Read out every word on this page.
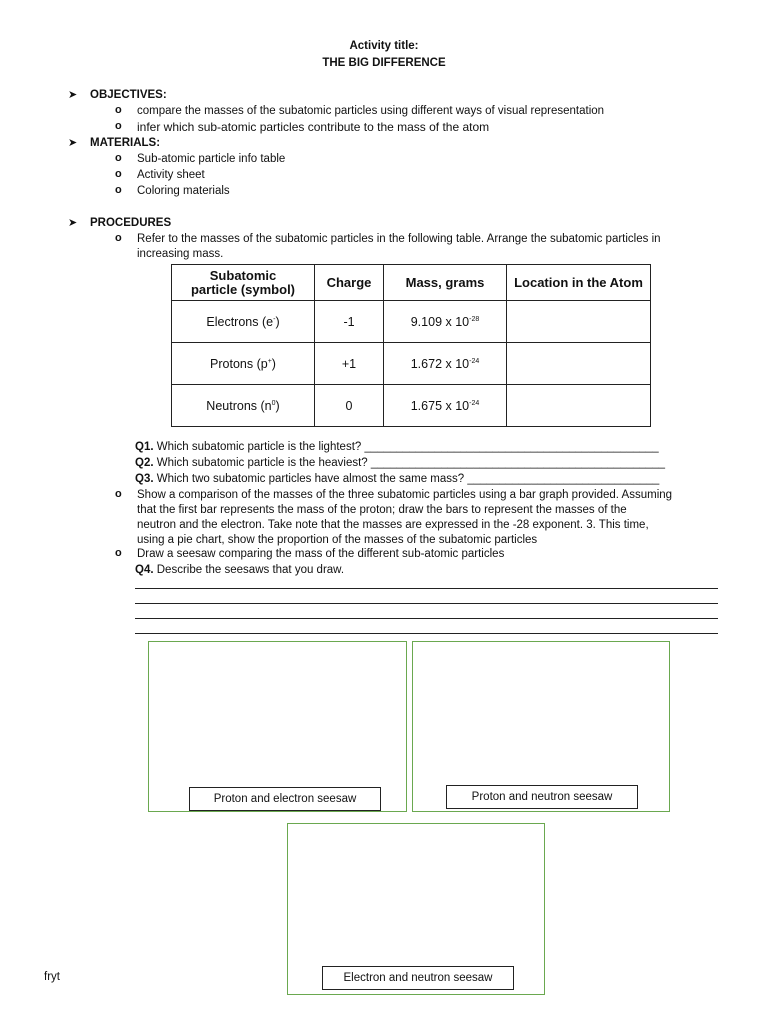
Activity title:
THE BIG DIFFERENCE
➤ OBJECTIVES:
o compare the masses of the subatomic particles using different ways of visual representation
o infer which sub-atomic particles contribute to the mass of the atom
➤ MATERIALS:
o Sub-atomic particle info table
o Activity sheet
o Coloring materials
➤ PROCEDURES
o Refer to the masses of the subatomic particles in the following table. Arrange the subatomic particles in
increasing mass.
Subatomic
particle (symbol)	Charge	Mass, grams	Location in the Atom
Electrons (e-)	-1	9.109 x $10^{-28}$	
Protons (p+)	+1	1.672 x $10^{-24}$	
Neutrons $(n^0)$	0	1.675 x $10^{-24}$	
Q1. Which subatomic particle is the lightest? ______________________________________________
Q2. Which subatomic particle is the heaviest? ______________________________________________
Q3. Which two subatomic particles have almost the same mass? ______________________________
o Show a comparison of the masses of the three subatomic particles using a bar graph provided. Assuming
that the first bar represents the mass of the proton; draw the bars to represent the masses of the
neutron and the electron. Take note that the masses are expressed in the -28 exponent. 3. This time,
using a pie chart, show the proportion of the masses of the subatomic particles
o Draw a seesaw comparing the mass of the different sub-atomic particles
Q4. Describe the seesaws that you draw.
Proton and electron seesaw	Proton and neutron seesaw
Electron and neutron seesaw
fryt
